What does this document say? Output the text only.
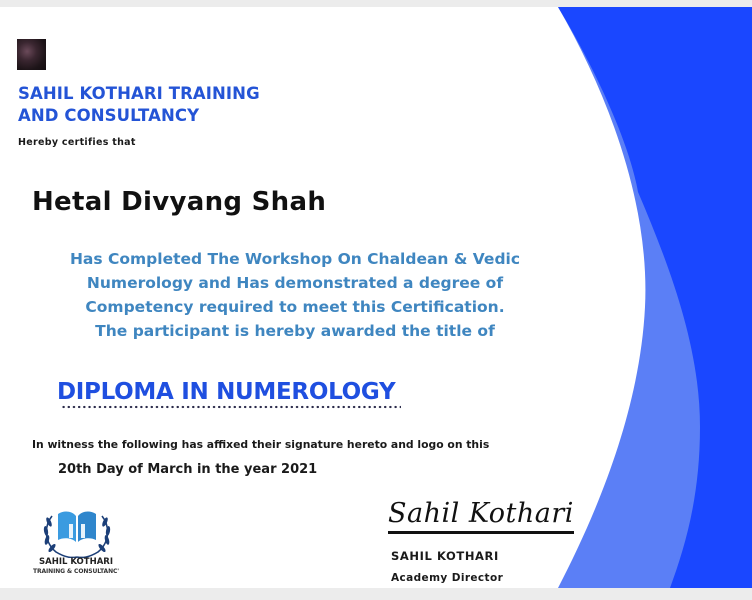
SAHIL KOTHARI TRAINING
AND CONSULTANCY
Hereby certifies that
Hetal Divyang Shah
Has Completed The Workshop On Chaldean & Vedic
Numerology and Has demonstrated a degree of
Competency required to meet this Certification.
The participant is hereby awarded the title of
DIPLOMA IN NUMEROLOGY
In witness the following has affixed their signature hereto and logo on this
20th Day of March in the year 2021
SAHIL KOTHARI
TRAINING & CONSULTANC'
Sahil Kothari
SAHIL KOTHARI
Academy Director
